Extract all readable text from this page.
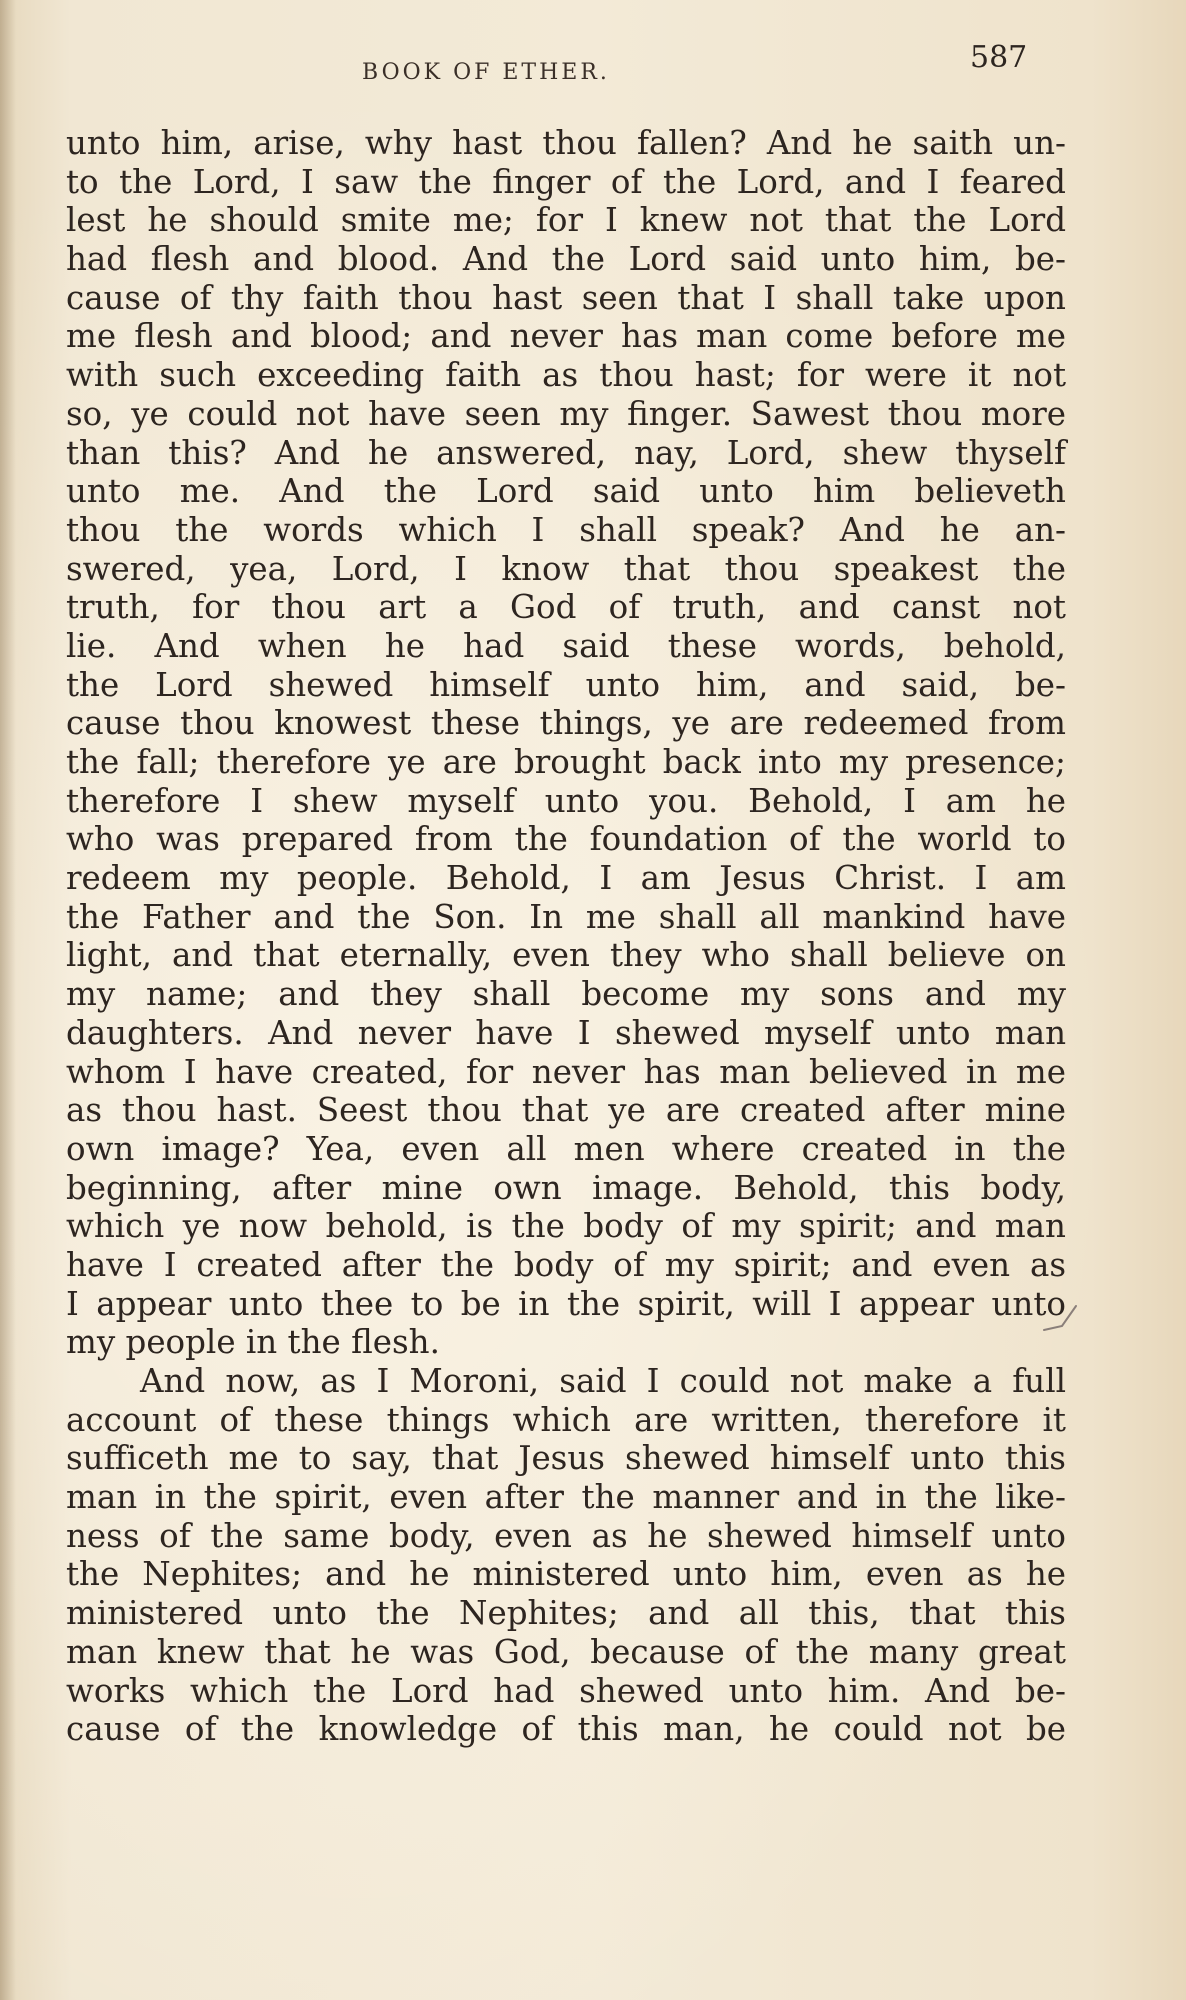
BOOK OF ETHER.	587
unto him, arise, why hast thou fallen? And he saith un-
to the Lord, I saw the finger of the Lord, and I feared
lest he should smite me; for I knew not that the Lord
had flesh and blood. And the Lord said unto him, be-
cause of thy faith thou hast seen that I shall take upon
me flesh and blood; and never has man come before me
with such exceeding faith as thou hast; for were it not
so, ye could not have seen my finger. Sawest thou more
than this? And he answered, nay, Lord, shew thyself
unto me. And the Lord said unto him believeth
thou the words which I shall speak? And he an-
swered, yea, Lord, I know that thou speakest the
truth, for thou art a God of truth, and canst not
lie. And when he had said these words, behold,
the Lord shewed himself unto him, and said, be-
cause thou knowest these things, ye are redeemed from
the fall; therefore ye are brought back into my presence;
therefore I shew myself unto you. Behold, I am he
who was prepared from the foundation of the world to
redeem my people. Behold, I am Jesus Christ. I am
the Father and the Son. In me shall all mankind have
light, and that eternally, even they who shall believe on
my name; and they shall become my sons and my
daughters. And never have I shewed myself unto man
whom I have created, for never has man believed in me
as thou hast. Seest thou that ye are created after mine
own image? Yea, even all men where created in the
beginning, after mine own image. Behold, this body,
which ye now behold, is the body of my spirit; and man
have I created after the body of my spirit; and even as
I appear unto thee to be in the spirit, will I appear unto
my people in the flesh.
And now, as I Moroni, said I could not make a full
account of these things which are written, therefore it
sufficeth me to say, that Jesus shewed himself unto this
man in the spirit, even after the manner and in the like-
ness of the same body, even as he shewed himself unto
the Nephites; and he ministered unto him, even as he
ministered unto the Nephites; and all this, that this
man knew that he was God, because of the many great
works which the Lord had shewed unto him. And be-
cause of the knowledge of this man, he could not be
